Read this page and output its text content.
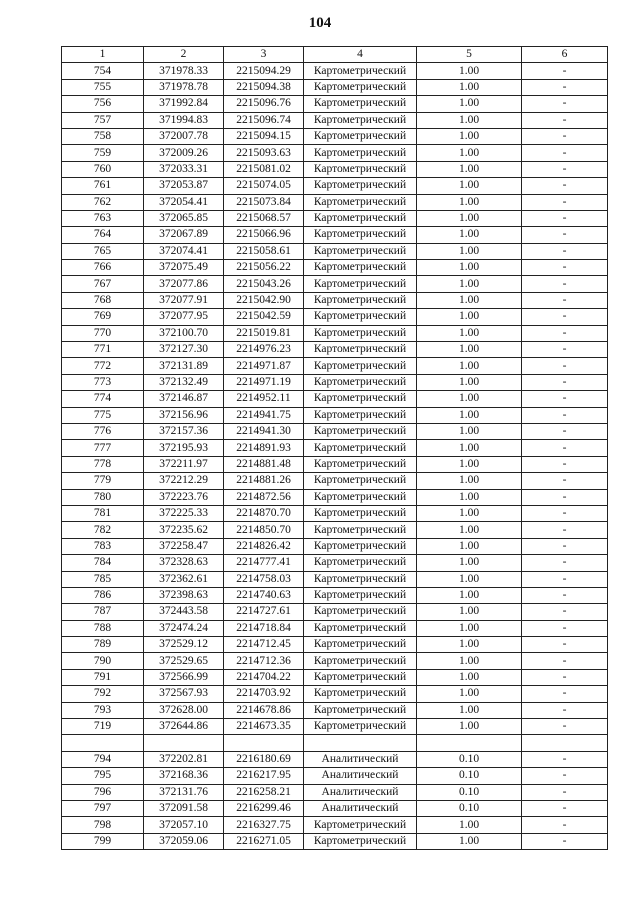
104
1	2	3	4	5	6
754	371978.33	2215094.29	Картометрический	1.00	-
755	371978.78	2215094.38	Картометрический	1.00	-
756	371992.84	2215096.76	Картометрический	1.00	-
757	371994.83	2215096.74	Картометрический	1.00	-
758	372007.78	2215094.15	Картометрический	1.00	-
759	372009.26	2215093.63	Картометрический	1.00	-
760	372033.31	2215081.02	Картометрический	1.00	-
761	372053.87	2215074.05	Картометрический	1.00	-
762	372054.41	2215073.84	Картометрический	1.00	-
763	372065.85	2215068.57	Картометрический	1.00	-
764	372067.89	2215066.96	Картометрический	1.00	-
765	372074.41	2215058.61	Картометрический	1.00	-
766	372075.49	2215056.22	Картометрический	1.00	-
767	372077.86	2215043.26	Картометрический	1.00	-
768	372077.91	2215042.90	Картометрический	1.00	-
769	372077.95	2215042.59	Картометрический	1.00	-
770	372100.70	2215019.81	Картометрический	1.00	-
771	372127.30	2214976.23	Картометрический	1.00	-
772	372131.89	2214971.87	Картометрический	1.00	-
773	372132.49	2214971.19	Картометрический	1.00	-
774	372146.87	2214952.11	Картометрический	1.00	-
775	372156.96	2214941.75	Картометрический	1.00	-
776	372157.36	2214941.30	Картометрический	1.00	-
777	372195.93	2214891.93	Картометрический	1.00	-
778	372211.97	2214881.48	Картометрический	1.00	-
779	372212.29	2214881.26	Картометрический	1.00	-
780	372223.76	2214872.56	Картометрический	1.00	-
781	372225.33	2214870.70	Картометрический	1.00	-
782	372235.62	2214850.70	Картометрический	1.00	-
783	372258.47	2214826.42	Картометрический	1.00	-
784	372328.63	2214777.41	Картометрический	1.00	-
785	372362.61	2214758.03	Картометрический	1.00	-
786	372398.63	2214740.63	Картометрический	1.00	-
787	372443.58	2214727.61	Картометрический	1.00	-
788	372474.24	2214718.84	Картометрический	1.00	-
789	372529.12	2214712.45	Картометрический	1.00	-
790	372529.65	2214712.36	Картометрический	1.00	-
791	372566.99	2214704.22	Картометрический	1.00	-
792	372567.93	2214703.92	Картометрический	1.00	-
793	372628.00	2214678.86	Картометрический	1.00	-
719	372644.86	2214673.35	Картометрический	1.00	-

794	372202.81	2216180.69	Аналитический	0.10	-
795	372168.36	2216217.95	Аналитический	0.10	-
796	372131.76	2216258.21	Аналитический	0.10	-
797	372091.58	2216299.46	Аналитический	0.10	-
798	372057.10	2216327.75	Картометрический	1.00	-
799	372059.06	2216271.05	Картометрический	1.00	-
